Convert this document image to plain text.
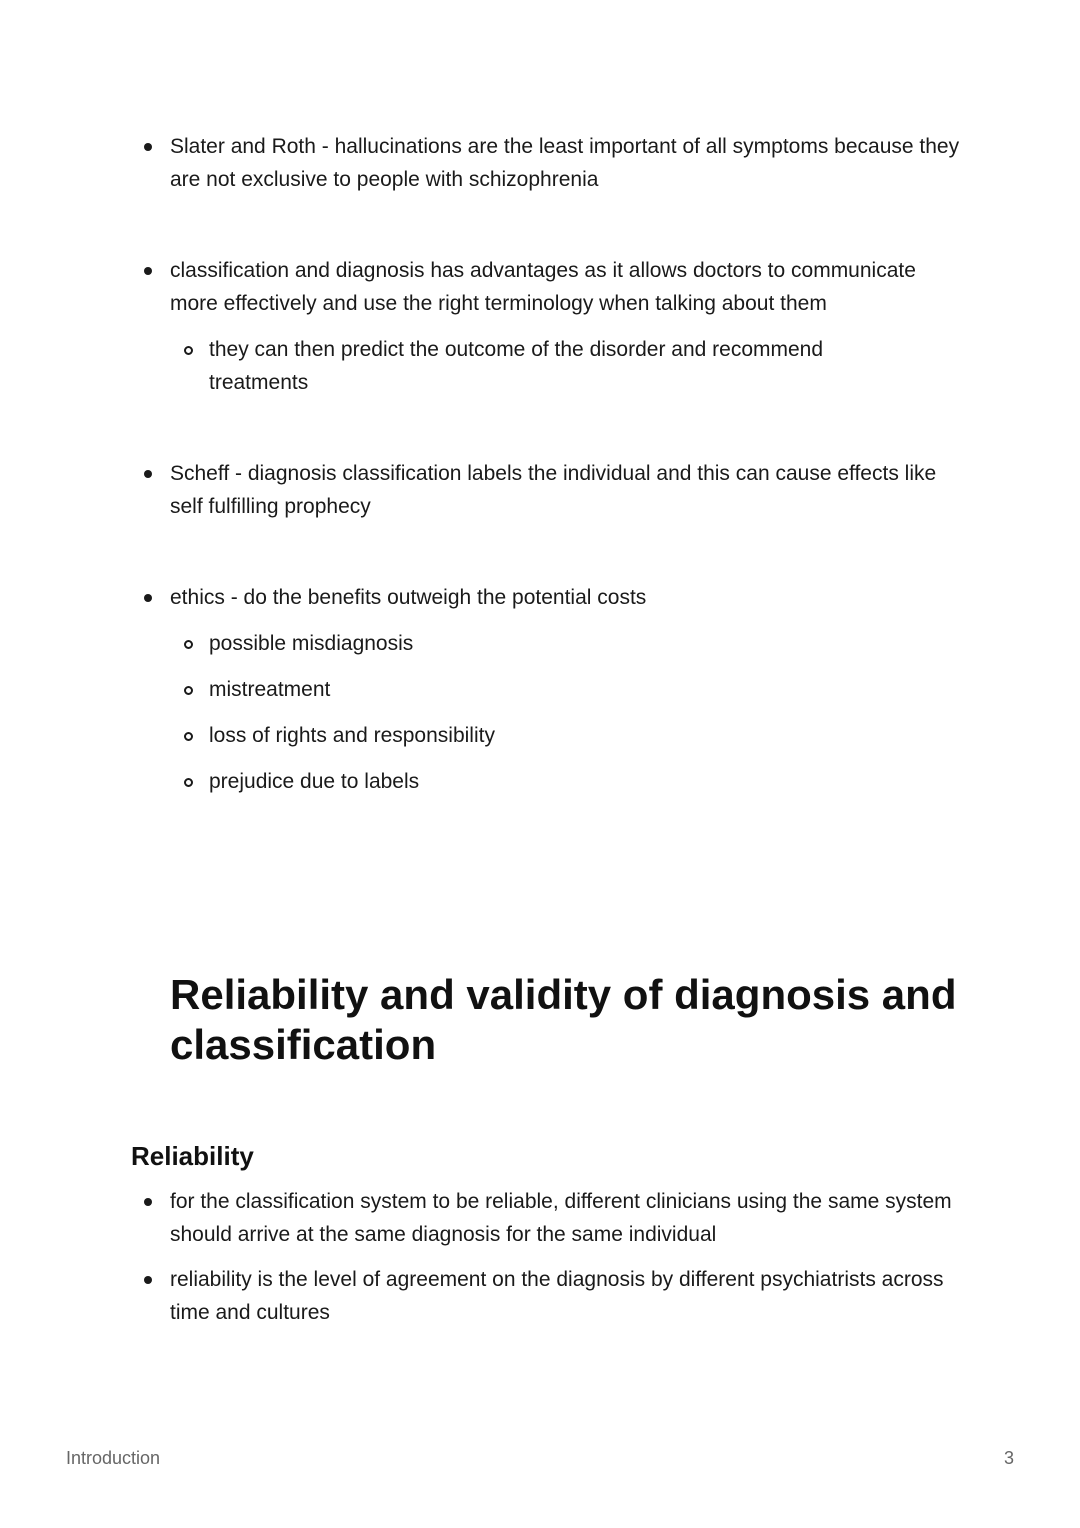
Slater and Roth - hallucinations are the least important of all symptoms because they are not exclusive to people with schizophrenia
classification and diagnosis has advantages as it allows doctors to communicate more effectively and use the right terminology when talking about them
they can then predict the outcome of the disorder and recommend treatments
Scheff - diagnosis classification labels the individual and this can cause effects like self fulfilling prophecy
ethics - do the benefits outweigh the potential costs
possible misdiagnosis
mistreatment
loss of rights and responsibility
prejudice due to labels
Reliability and validity of diagnosis and classification
Reliability
for the classification system to be reliable, different clinicians using the same system should arrive at the same diagnosis for the same individual
reliability is the level of agreement on the diagnosis by different psychiatrists across time and cultures
Introduction	3
